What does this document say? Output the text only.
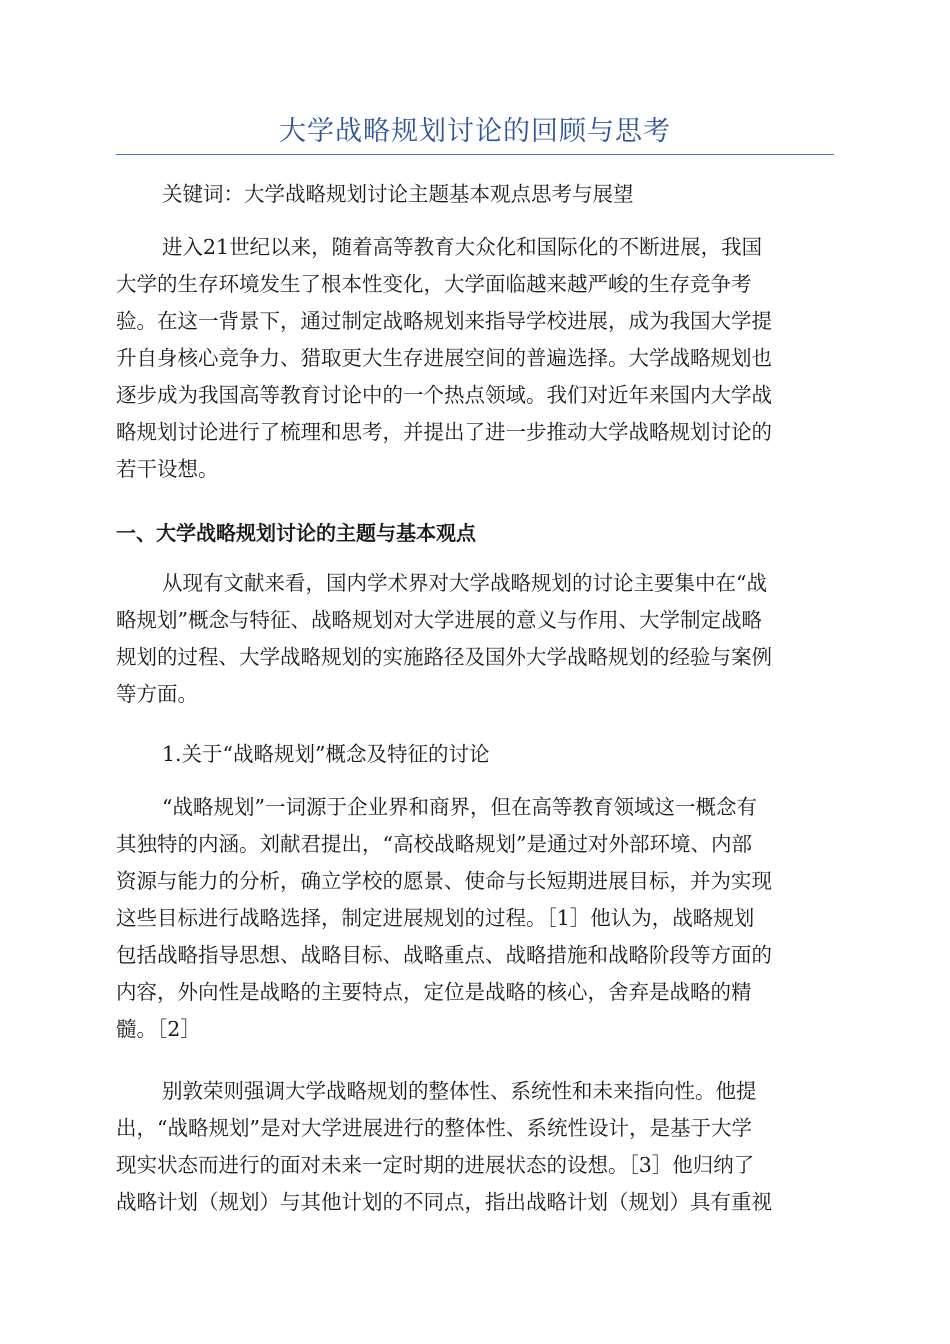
大学战略规划讨论的回顾与思考
关键词：大学战略规划讨论主题基本观点思考与展望
进入21世纪以来，随着高等教育大众化和国际化的不断进展，我国
大学的生存环境发生了根本性变化，大学面临越来越严峻的生存竞争考
验。在这一背景下，通过制定战略规划来指导学校进展，成为我国大学提
升自身核心竞争力、猎取更大生存进展空间的普遍选择。大学战略规划也
逐步成为我国高等教育讨论中的一个热点领域。我们对近年来国内大学战
略规划讨论进行了梳理和思考，并提出了进一步推动大学战略规划讨论的
若干设想。
一、大学战略规划讨论的主题与基本观点
从现有文献来看，国内学术界对大学战略规划的讨论主要集中在“战
略规划”概念与特征、战略规划对大学进展的意义与作用、大学制定战略
规划的过程、大学战略规划的实施路径及国外大学战略规划的经验与案例
等方面。
1.关于“战略规划”概念及特征的讨论
“战略规划”一词源于企业界和商界，但在高等教育领域这一概念有
其独特的内涵。刘献君提出，“高校战略规划”是通过对外部环境、内部
资源与能力的分析，确立学校的愿景、使命与长短期进展目标，并为实现
这些目标进行战略选择，制定进展规划的过程。［1］他认为，战略规划
包括战略指导思想、战略目标、战略重点、战略措施和战略阶段等方面的
内容，外向性是战略的主要特点，定位是战略的核心，舍弃是战略的精
髓。［2］
别敦荣则强调大学战略规划的整体性、系统性和未来指向性。他提
出，“战略规划”是对大学进展进行的整体性、系统性设计，是基于大学
现实状态而进行的面对未来一定时期的进展状态的设想。［3］他归纳了
战略计划（规划）与其他计划的不同点，指出战略计划（规划）具有重视
